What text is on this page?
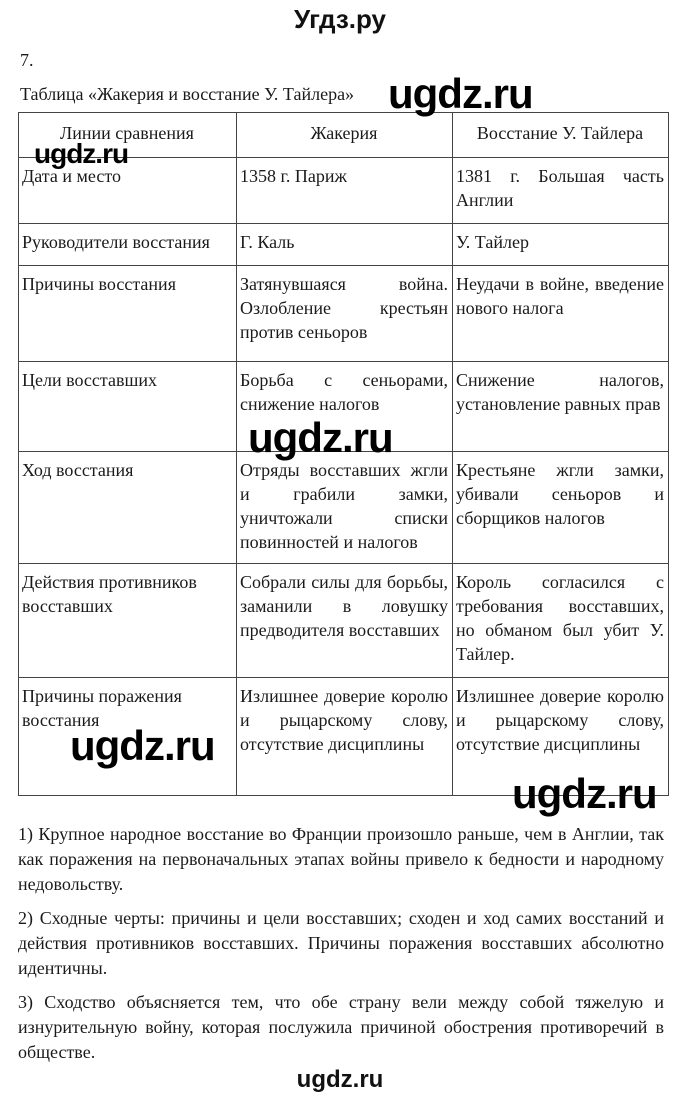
Угдз.ру
7.
Таблица «Жакерия и восстание У. Тайлера»
Линии сравнения	Жакерия	Восстание У. Тайлера
Дата и место	1358 г. Париж	1381 г. Большая часть Англии
Руководители восстания	Г. Каль	У. Тайлер
Причины восстания	Затянувшаяся война. Озлобление крестьян против сеньоров	Неудачи в войне, введение нового налога
Цели восставших	Борьба с сеньорами, снижение налогов	Снижение налогов, установление равных прав
Ход восстания	Отряды восставших жгли и грабили замки, уничтожали списки повинностей и налогов	Крестьяне жгли замки, убивали сеньоров и сборщиков налогов
Действия противников восставших	Собрали силы для борьбы, заманили в ловушку предводителя восставших	Король согласился с требования восставших, но обманом был убит У. Тайлер.
Причины поражения восстания	Излишнее доверие королю и рыцарскому слову, отсутствие дисциплины	Излишнее доверие королю и рыцарскому слову, отсутствие дисциплины

1) Крупное народное восстание во Франции произошло раньше, чем в Англии, так как поражения на первоначальных этапах войны привело к бедности и народному недовольству.

2) Сходные черты: причины и цели восставших; сходен и ход самих восстаний и действия противников восставших. Причины поражения восставших абсолютно идентичны.

3) Сходство объясняется тем, что обе страну вели между собой тяжелую и изнурительную войну, которая послужила причиной обострения противоречий в обществе.

ugdz.ru
ugdz.ru
ugdz.ru
ugdz.ru
ugdz.ru
ugdz.ru
